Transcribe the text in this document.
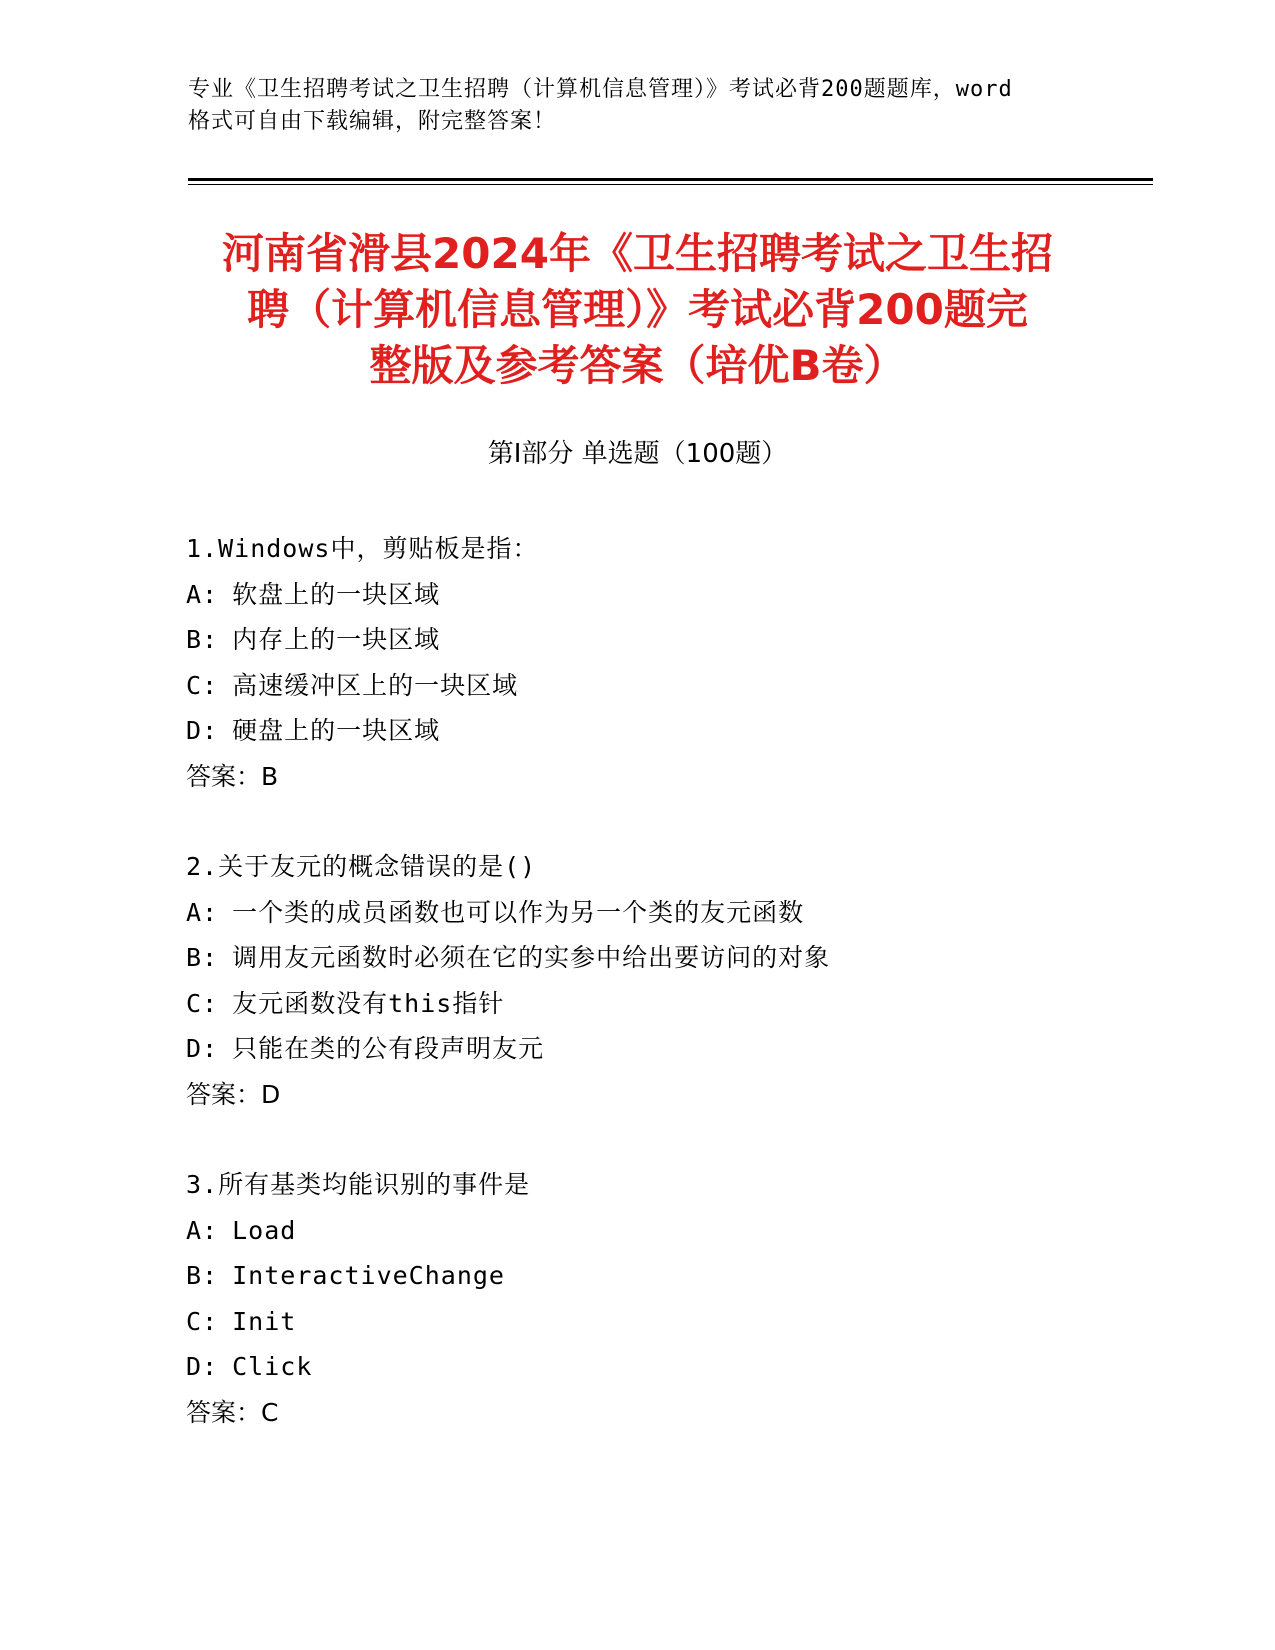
专业《卫生招聘考试之卫生招聘（计算机信息管理）》考试必背200题题库，word
格式可自由下载编辑，附完整答案！
河南省滑县2024年《卫生招聘考试之卫生招
聘（计算机信息管理）》考试必背200题完
整版及参考答案（培优B卷）
第I部分 单选题（100题）
1.Windows中，剪贴板是指：
A: 软盘上的一块区域
B: 内存上的一块区域
C: 高速缓冲区上的一块区域
D: 硬盘上的一块区域
答案：B
2.关于友元的概念错误的是()
A: 一个类的成员函数也可以作为另一个类的友元函数
B: 调用友元函数时必须在它的实参中给出要访问的对象
C: 友元函数没有this指针
D: 只能在类的公有段声明友元
答案：D
3.所有基类均能识别的事件是
A: Load
B: InteractiveChange
C: Init
D: Click
答案：C
